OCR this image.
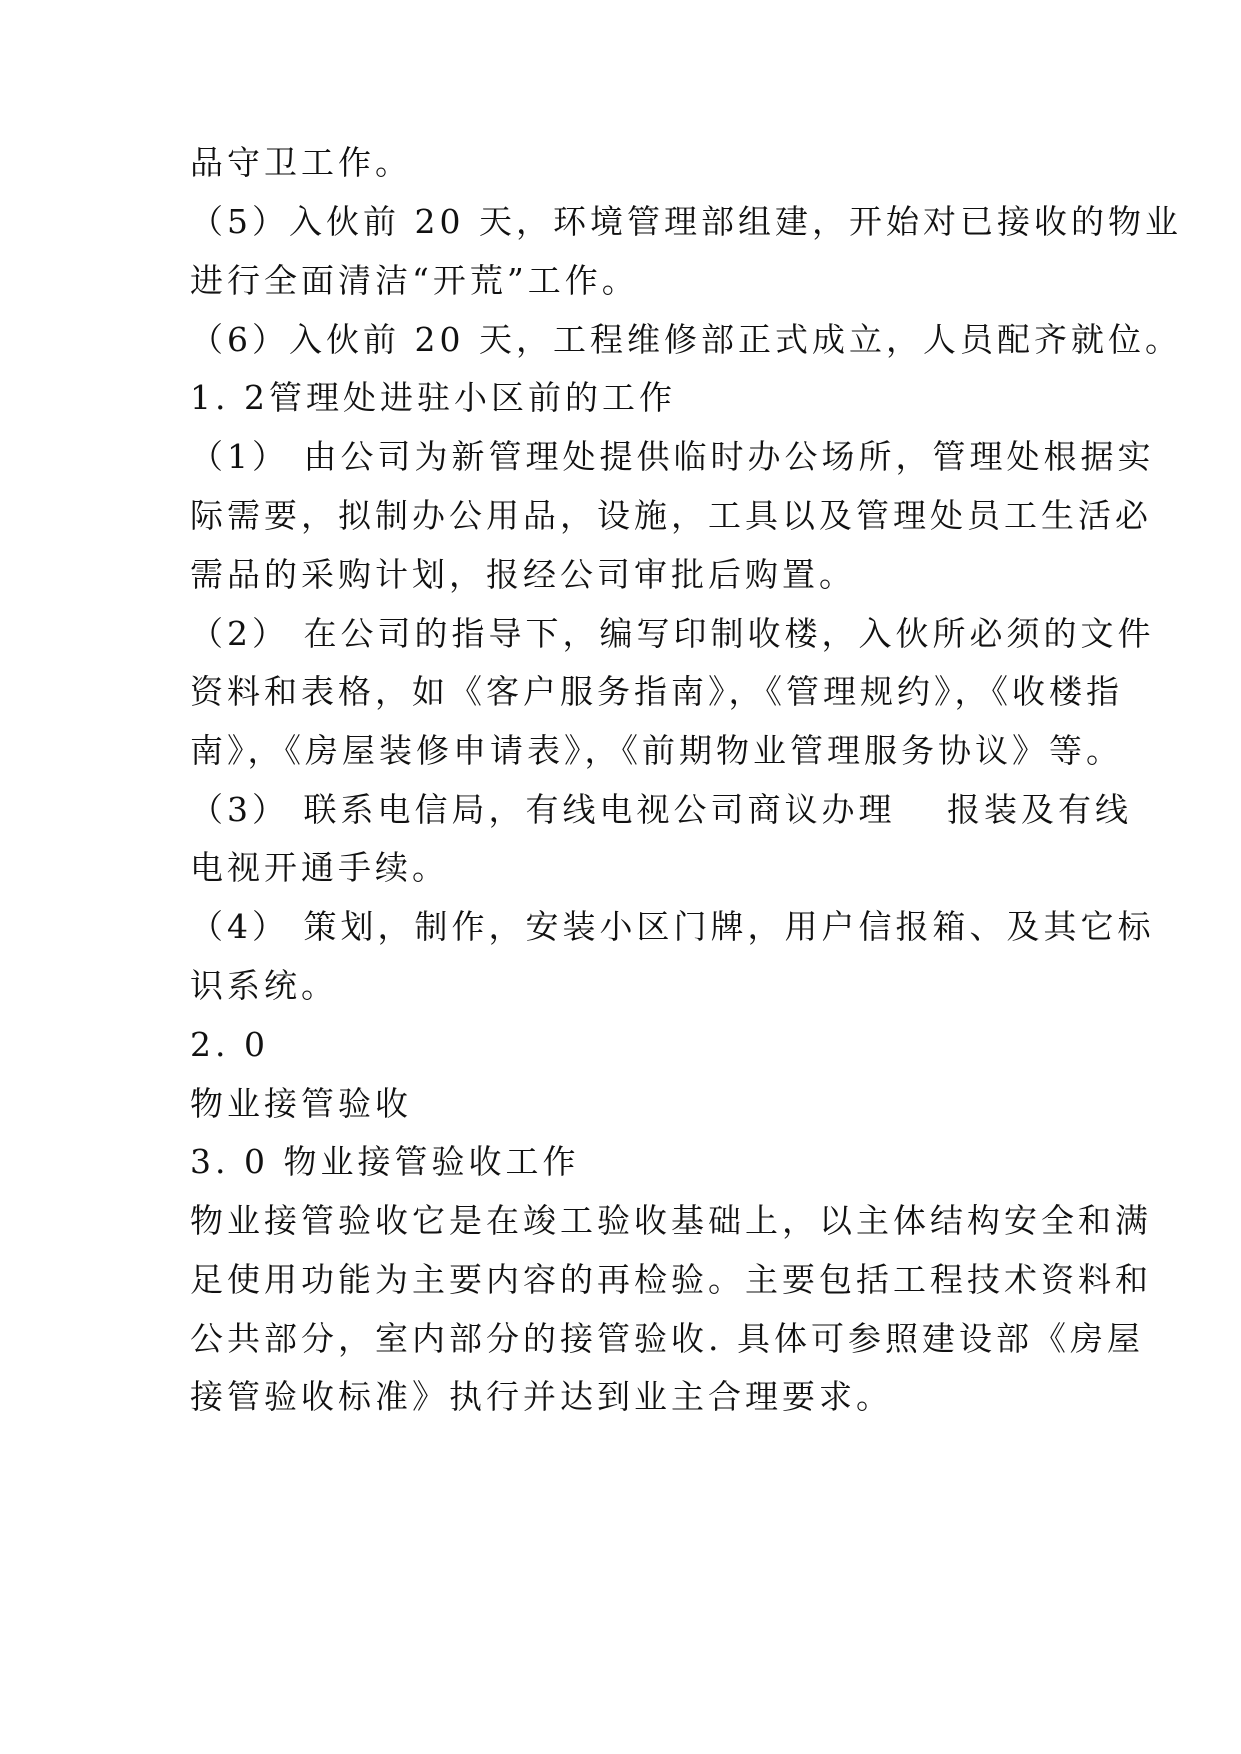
品守卫工作。
（5）入伙前 20 天，环境管理部组建，开始对已接收的物业
进行全面清洁“开荒”工作。
（6）入伙前 20 天，工程维修部正式成立，人员配齐就位。
1. 2管理处进驻小区前的工作
（1） 由公司为新管理处提供临时办公场所，管理处根据实
际需要，拟制办公用品，设施，工具以及管理处员工生活必
需品的采购计划，报经公司审批后购置。
（2） 在公司的指导下，编写印制收楼，入伙所必须的文件
资料和表格，如《客户服务指南》，《管理规约》，《收楼指
南》，《房屋装修申请表》，《前期物业管理服务协议》等。
（3） 联系电信局，有线电视公司商议办理　 报装及有线
电视开通手续。
（4） 策划，制作，安装小区门牌，用户信报箱、及其它标
识系统。
2. 0
物业接管验收
3. 0 物业接管验收工作
物业接管验收它是在竣工验收基础上，以主体结构安全和满
足使用功能为主要内容的再检验。主要包括工程技术资料和
公共部分，室内部分的接管验收. 具体可参照建设部《房屋
接管验收标准》执行并达到业主合理要求。
